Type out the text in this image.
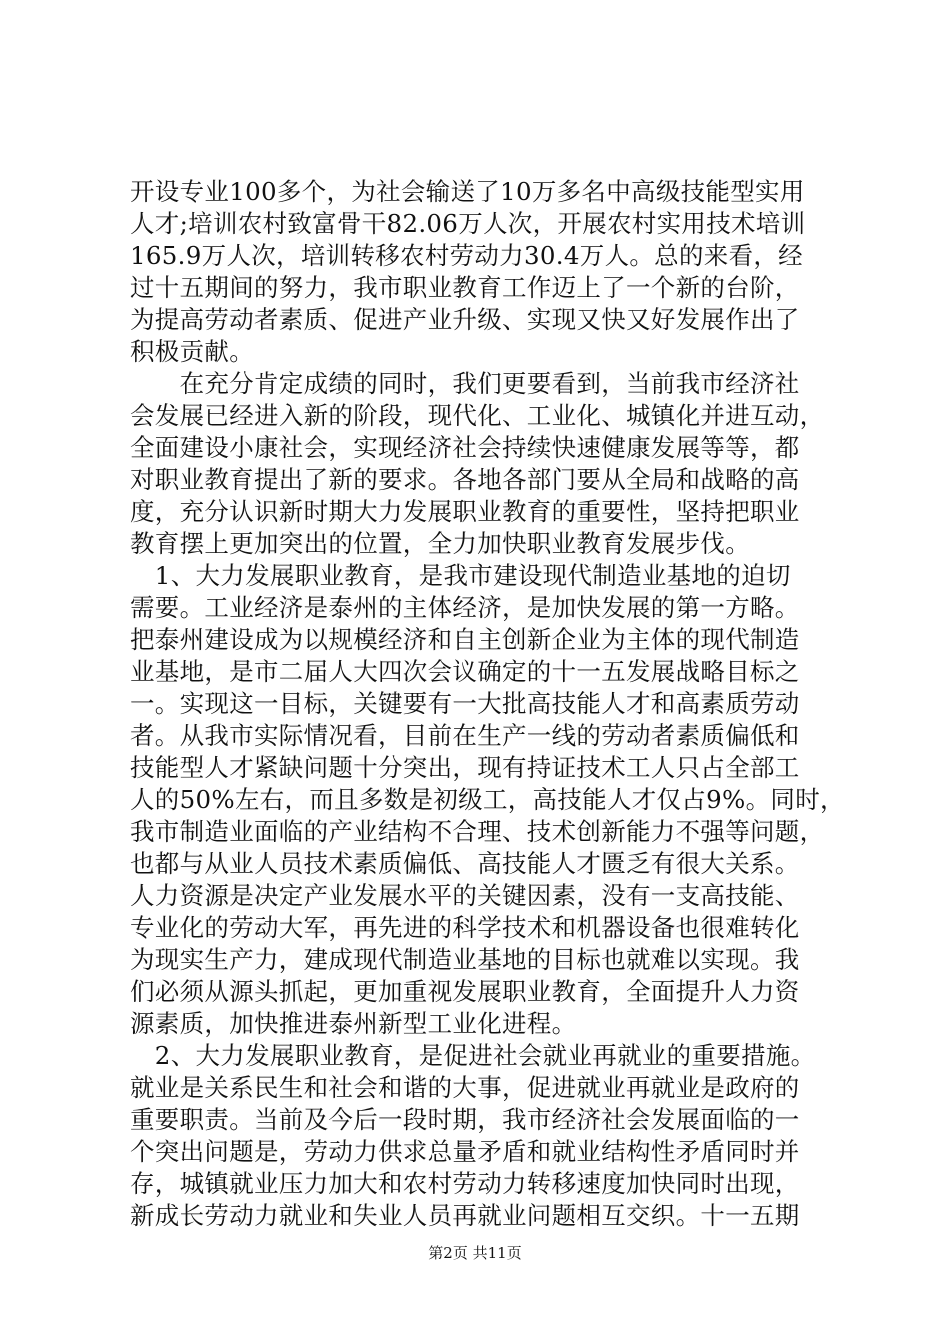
开设专业100多个，为社会输送了10万多名中高级技能型实用
人才;培训农村致富骨干82.06万人次，开展农村实用技术培训
165.9万人次，培训转移农村劳动力30.4万人。总的来看，经
过十五期间的努力，我市职业教育工作迈上了一个新的台阶，
为提高劳动者素质、促进产业升级、实现又快又好发展作出了
积极贡献。
　　在充分肯定成绩的同时，我们更要看到，当前我市经济社
会发展已经进入新的阶段，现代化、工业化、城镇化并进互动，
全面建设小康社会，实现经济社会持续快速健康发展等等，都
对职业教育提出了新的要求。各地各部门要从全局和战略的高
度，充分认识新时期大力发展职业教育的重要性，坚持把职业
教育摆上更加突出的位置，全力加快职业教育发展步伐。
　1、大力发展职业教育，是我市建设现代制造业基地的迫切
需要。工业经济是泰州的主体经济，是加快发展的第一方略。
把泰州建设成为以规模经济和自主创新企业为主体的现代制造
业基地，是市二届人大四次会议确定的十一五发展战略目标之
一。实现这一目标，关键要有一大批高技能人才和高素质劳动
者。从我市实际情况看，目前在生产一线的劳动者素质偏低和
技能型人才紧缺问题十分突出，现有持证技术工人只占全部工
人的50%左右，而且多数是初级工，高技能人才仅占9%。同时，
我市制造业面临的产业结构不合理、技术创新能力不强等问题，
也都与从业人员技术素质偏低、高技能人才匮乏有很大关系。
人力资源是决定产业发展水平的关键因素，没有一支高技能、
专业化的劳动大军，再先进的科学技术和机器设备也很难转化
为现实生产力，建成现代制造业基地的目标也就难以实现。我
们必须从源头抓起，更加重视发展职业教育，全面提升人力资
源素质，加快推进泰州新型工业化进程。
　2、大力发展职业教育，是促进社会就业再就业的重要措施。
就业是关系民生和社会和谐的大事，促进就业再就业是政府的
重要职责。当前及今后一段时期，我市经济社会发展面临的一
个突出问题是，劳动力供求总量矛盾和就业结构性矛盾同时并
存，城镇就业压力加大和农村劳动力转移速度加快同时出现，
新成长劳动力就业和失业人员再就业问题相互交织。十一五期
第2页 共11页
